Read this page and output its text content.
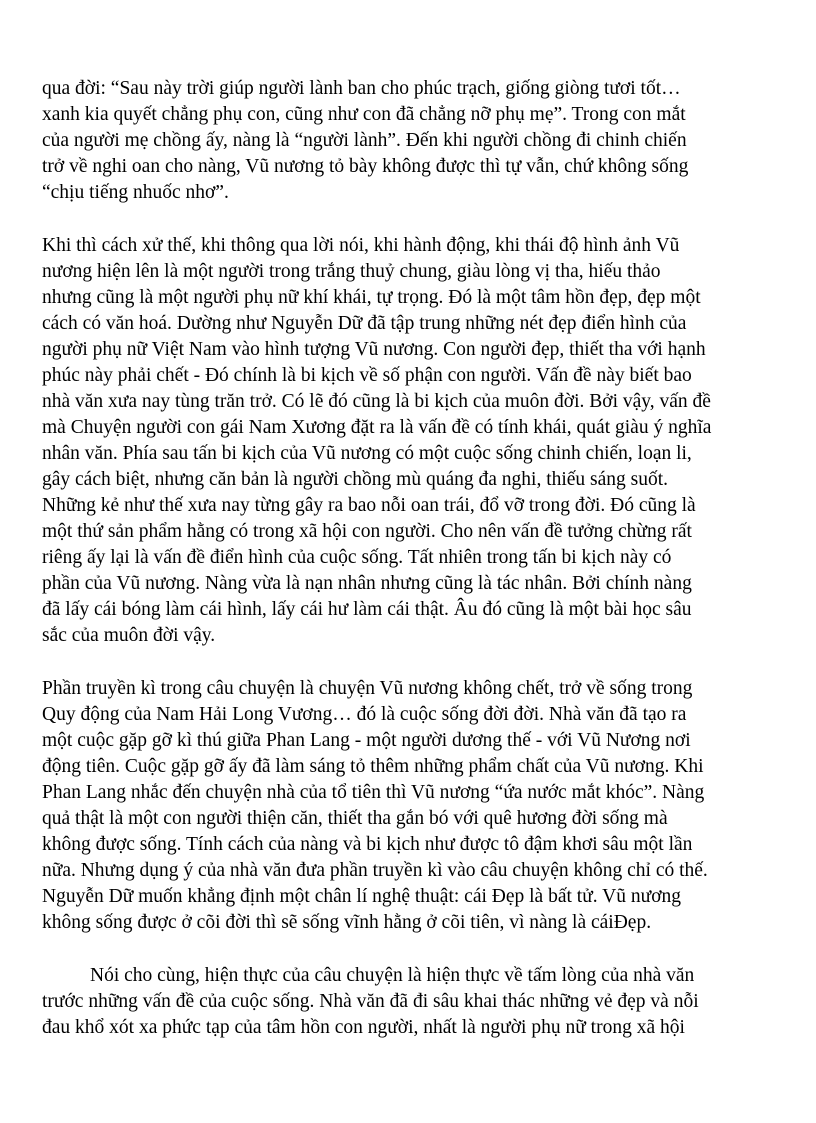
qua đời: “Sau này trời giúp người lành ban cho phúc trạch, giống giòng tươi tốt…
xanh kia quyết chẳng phụ con, cũng như con đã chẳng nỡ phụ mẹ”. Trong con mắt
của người mẹ chồng ấy, nàng là “người lành”. Đến khi người chồng đi chinh chiến
trở về nghi oan cho nàng, Vũ nương tỏ bày không được thì tự vẫn, chứ không sống
“chịu tiếng nhuốc nhơ”.
Khi thì cách xử thế, khi thông qua lời nói, khi hành động, khi thái độ hình ảnh Vũ
nương hiện lên là một người trong trắng thuỷ chung, giàu lòng vị tha, hiếu thảo
nhưng cũng là một người phụ nữ khí khái, tự trọng. Đó là một tâm hồn đẹp, đẹp một
cách có văn hoá. Dường như Nguyễn Dữ đã tập trung những nét đẹp điển hình của
người phụ nữ Việt Nam vào hình tượng Vũ nương. Con người đẹp, thiết tha với hạnh
phúc này phải chết - Đó chính là bi kịch về số phận con người. Vấn đề này biết bao
nhà văn xưa nay tùng trăn trở. Có lẽ đó cũng là bi kịch của muôn đời. Bởi vậy, vấn đề
mà Chuyện người con gái Nam Xương đặt ra là vấn đề có tính khái, quát giàu ý nghĩa
nhân văn. Phía sau tấn bi kịch của Vũ nương có một cuộc sống chinh chiến, loạn li,
gây cách biệt, nhưng căn bản là người chồng mù quáng đa nghi, thiếu sáng suốt.
Những kẻ như thế xưa nay từng gây ra bao nỗi oan trái, đổ vỡ trong đời. Đó cũng là
một thứ sản phẩm hằng có trong xã hội con người. Cho nên vấn đề tưởng chừng rất
riêng ấy lại là vấn đề điển hình của cuộc sống. Tất nhiên trong tấn bi kịch này có
phần của Vũ nương. Nàng vừa là nạn nhân nhưng cũng là tác nhân. Bởi chính nàng
đã lấy cái bóng làm cái hình, lấy cái hư làm cái thật. Âu đó cũng là một bài học sâu
sắc của muôn đời vậy.
Phần truyền kì trong câu chuyện là chuyện Vũ nương không chết, trở về sống trong
Quy động của Nam Hải Long Vương… đó là cuộc sống đời đời. Nhà văn đã tạo ra
một cuộc gặp gỡ kì thú giữa Phan Lang - một người dương thế - với Vũ Nương nơi
động tiên. Cuộc gặp gỡ ấy đã làm sáng tỏ thêm những phẩm chất của Vũ nương. Khi
Phan Lang nhắc đến chuyện nhà của tổ tiên thì Vũ nương “ứa nước mắt khóc”. Nàng
quả thật là một con người thiện căn, thiết tha gắn bó với quê hương đời sống mà
không được sống. Tính cách của nàng và bi kịch như được tô đậm khơi sâu một lần
nữa. Nhưng dụng ý của nhà văn đưa phần truyền kì vào câu chuyện không chỉ có thế.
Nguyễn Dữ muốn khẳng định một chân lí nghệ thuật: cái Đẹp là bất tử. Vũ nương
không sống được ở cõi đời thì sẽ sống vĩnh hằng ở cõi tiên, vì nàng là cáiĐẹp.
Nói cho cùng, hiện thực của câu chuyện là hiện thực về tấm lòng của nhà văn
trước những vấn đề của cuộc sống. Nhà văn đã đi sâu khai thác những vẻ đẹp và nỗi
đau khổ xót xa phức tạp của tâm hồn con người, nhất là người phụ nữ trong xã hội
